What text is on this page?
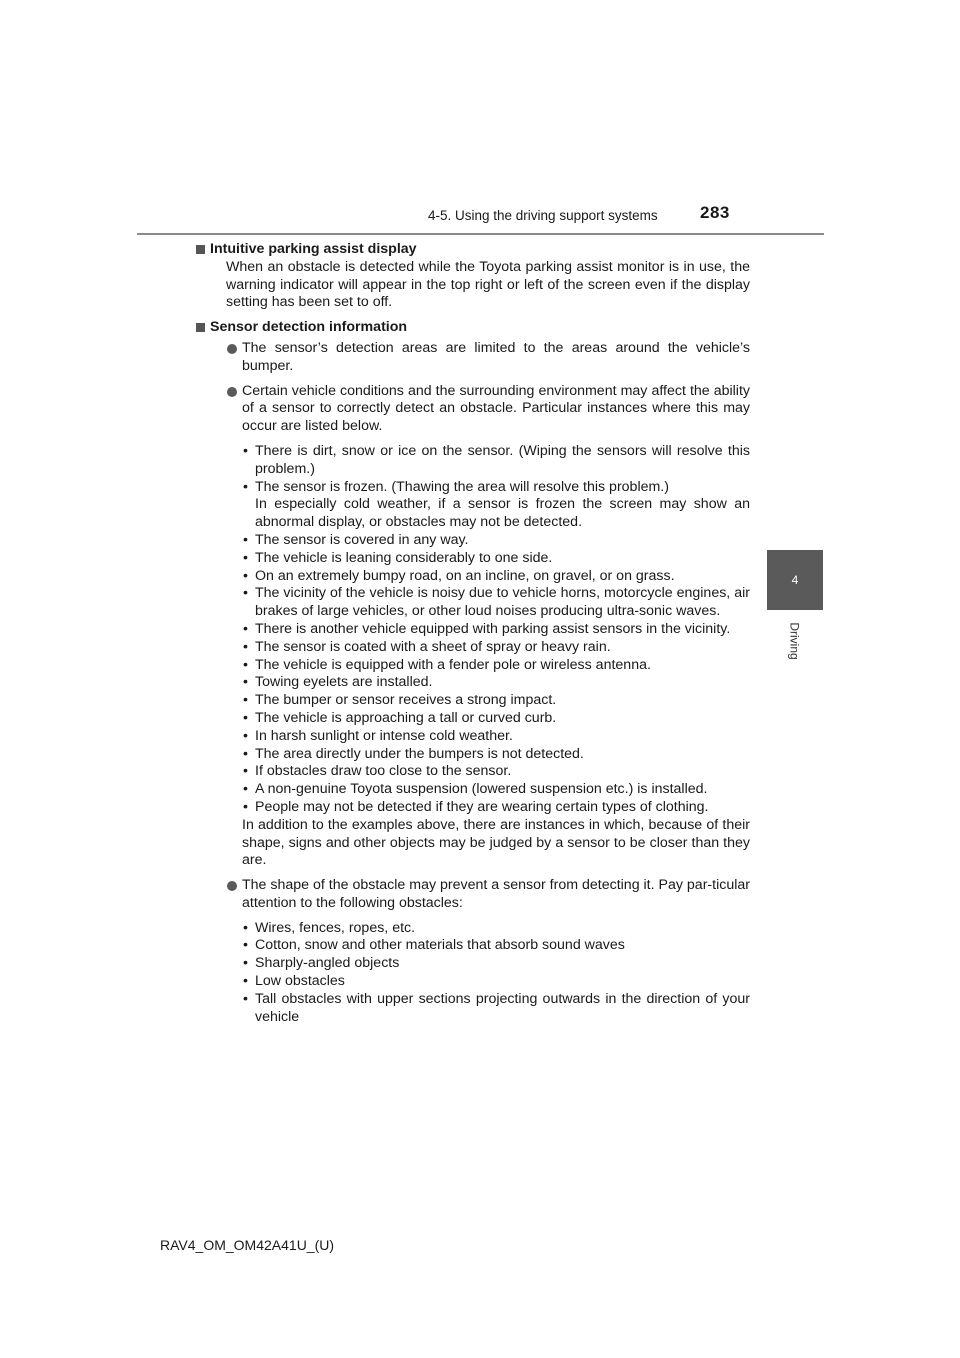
4-5. Using the driving support systems 283
4
Driving
Intuitive parking assist display
When an obstacle is detected while the Toyota parking assist monitor is in use, the warning indicator will appear in the top right or left of the screen even if the display setting has been set to off.
Sensor detection information
The sensor’s detection areas are limited to the areas around the vehicle’s bumper.
Certain vehicle conditions and the surrounding environment may affect the ability of a sensor to correctly detect an obstacle. Particular instances where this may occur are listed below.
• There is dirt, snow or ice on the sensor. (Wiping the sensors will resolve this problem.)
• The sensor is frozen. (Thawing the area will resolve this problem.)
In especially cold weather, if a sensor is frozen the screen may show an abnormal display, or obstacles may not be detected.
• The sensor is covered in any way.
• The vehicle is leaning considerably to one side.
• On an extremely bumpy road, on an incline, on gravel, or on grass.
• The vicinity of the vehicle is noisy due to vehicle horns, motorcycle engines, air brakes of large vehicles, or other loud noises producing ultra-sonic waves.
• There is another vehicle equipped with parking assist sensors in the vicinity.
• The sensor is coated with a sheet of spray or heavy rain.
• The vehicle is equipped with a fender pole or wireless antenna.
• Towing eyelets are installed.
• The bumper or sensor receives a strong impact.
• The vehicle is approaching a tall or curved curb.
• In harsh sunlight or intense cold weather.
• The area directly under the bumpers is not detected.
• If obstacles draw too close to the sensor.
• A non-genuine Toyota suspension (lowered suspension etc.) is installed.
• People may not be detected if they are wearing certain types of clothing.
In addition to the examples above, there are instances in which, because of their shape, signs and other objects may be judged by a sensor to be closer than they are.
The shape of the obstacle may prevent a sensor from detecting it. Pay par-ticular attention to the following obstacles:
• Wires, fences, ropes, etc.
• Cotton, snow and other materials that absorb sound waves
• Sharply-angled objects
• Low obstacles
• Tall obstacles with upper sections projecting outwards in the direction of your vehicle
RAV4_OM_OM42A41U_(U)
